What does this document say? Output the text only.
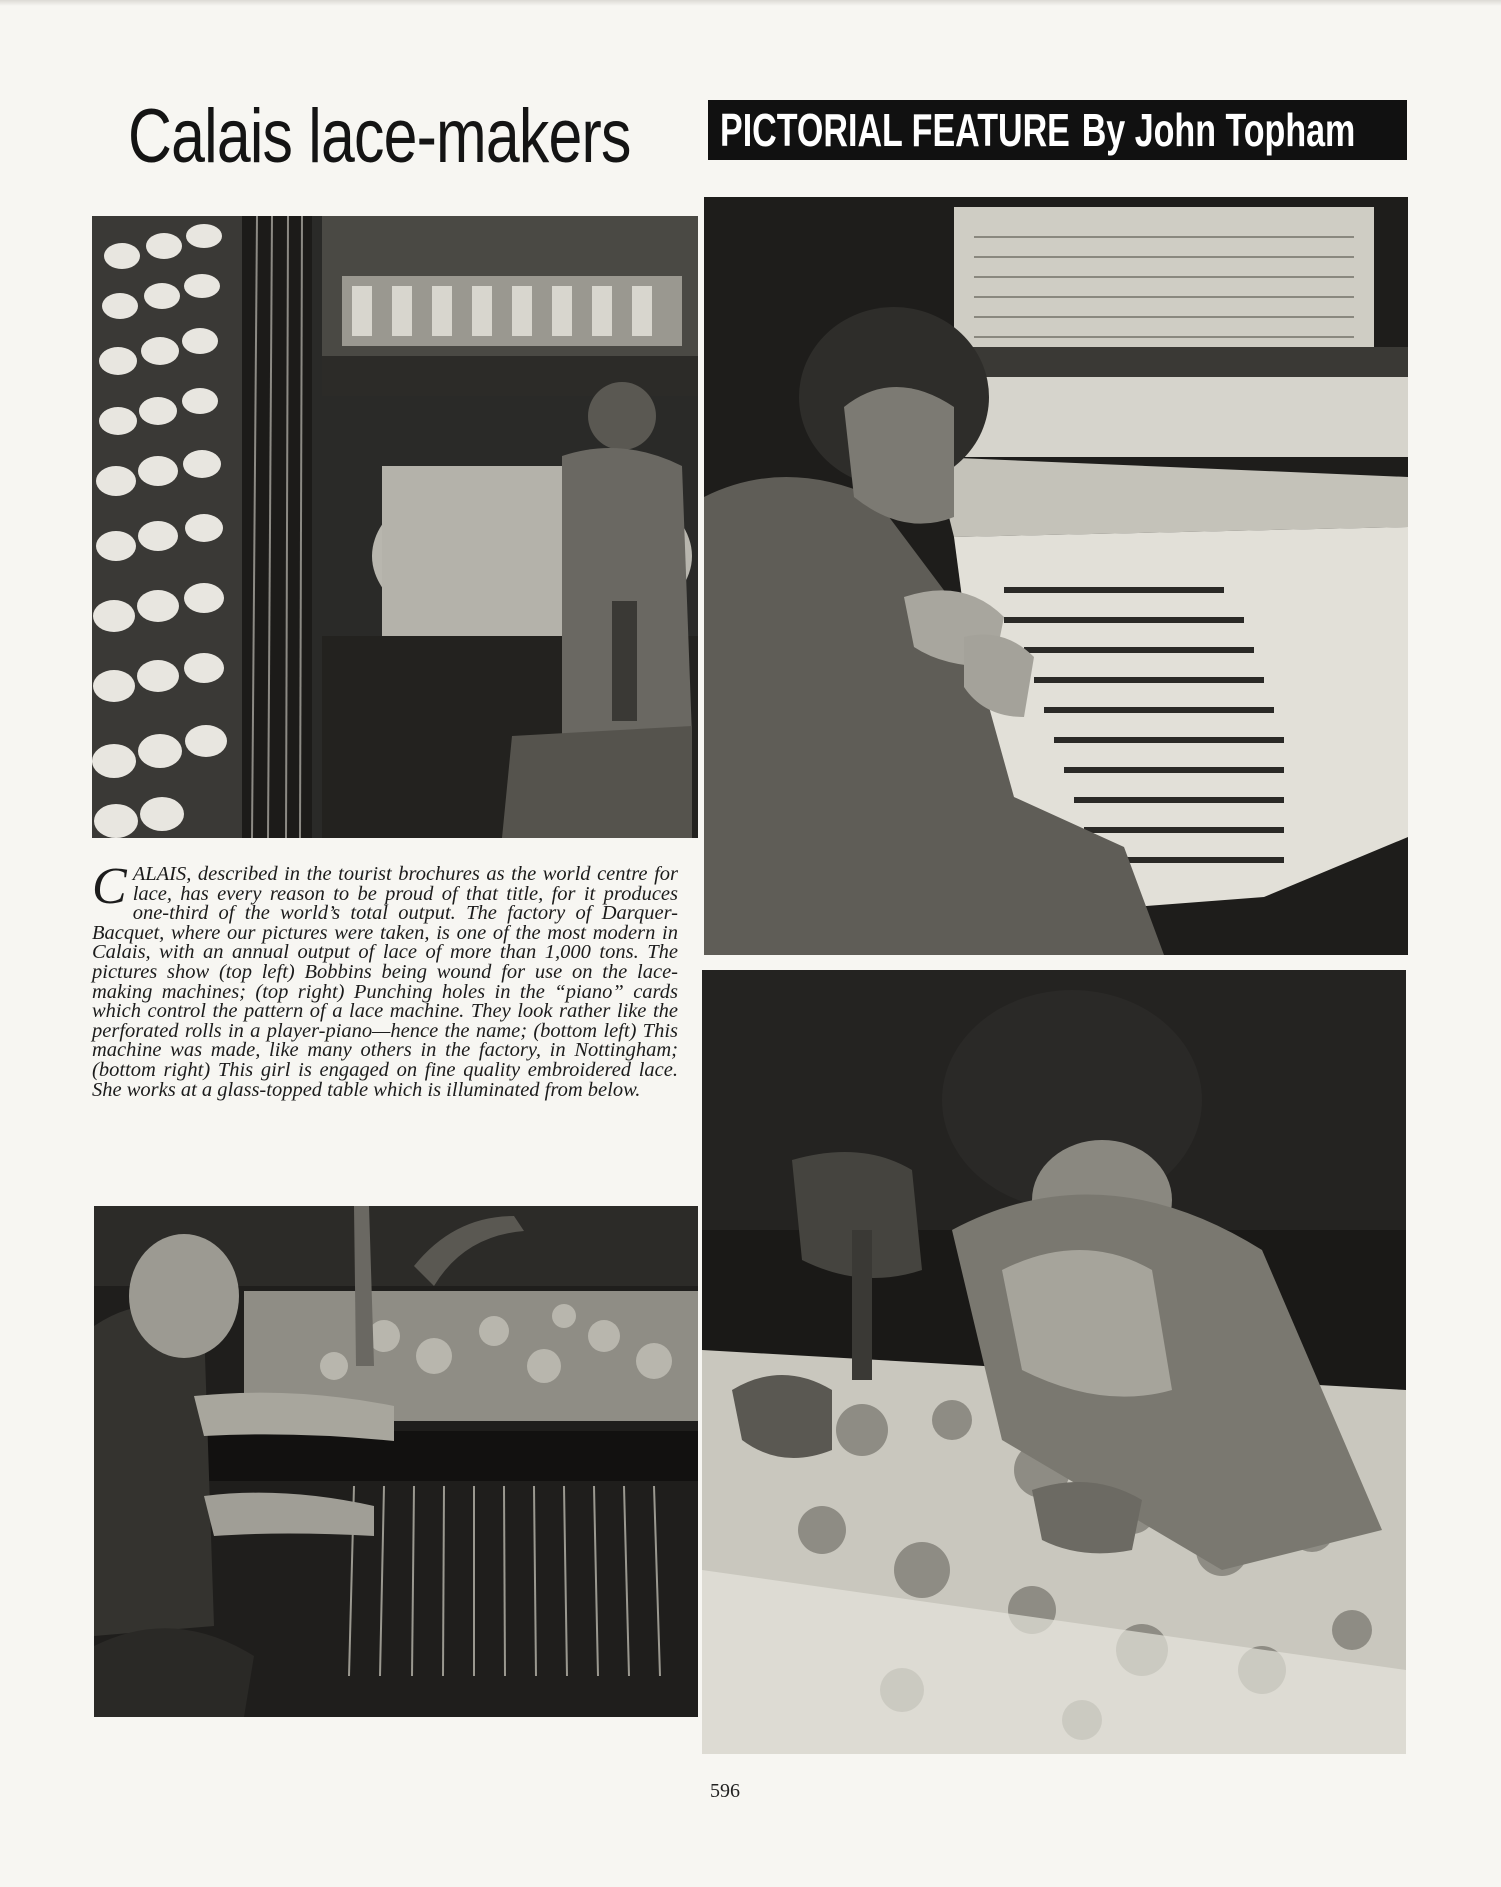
Calais lace-makers PICTORIAL FEATURE By John Topham
CALAIS, described in the tourist brochures as the world centre for lace, has every reason to be proud of that title, for it produces one-third of the world’s total output. The factory of Darquer-Bacquet, where our pictures were taken, is one of the most modern in Calais, with an annual output of lace of more than 1,000 tons. The pictures show (top left) Bobbins being wound for use on the lace-making machines; (top right) Punching holes in the “piano” cards which control the pattern of a lace machine. They look rather like the perforated rolls in a player-piano—hence the name; (bottom left) This machine was made, like many others in the factory, in Nottingham; (bottom right) This girl is engaged on fine quality embroidered lace. She works at a glass-topped table which is illuminated from below.
596
